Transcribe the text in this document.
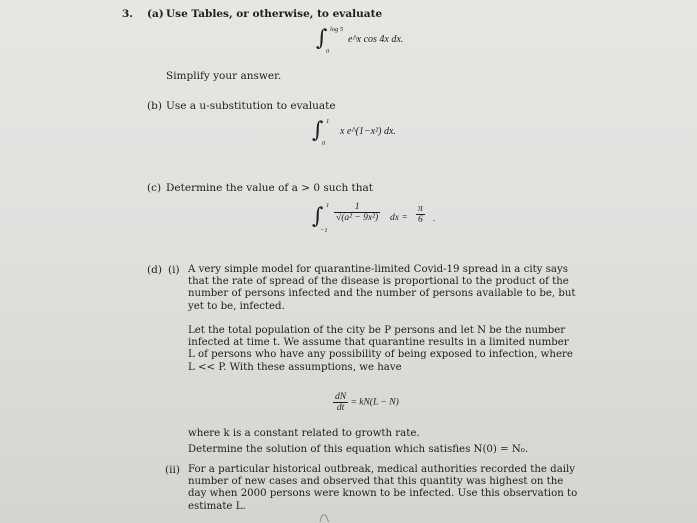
3. (a) Use Tables, or otherwise, to evaluate
∫ log 5
0
e^x cos 4x dx.
Simplify your answer.
(b) Use a u-substitution to evaluate
∫ 1
0
x e^(1−x²) dx.
(c) Determine the value of a > 0 such that
∫ 1
−1
$\frac{1}{\text{√(a² − 9x²)}}$ dx = $\frac{\pi}{6}$ .
(d) (i) A very simple model for quarantine-limited Covid-19 spread in a city says
that the rate of spread of the disease is proportional to the product of the
number of persons infected and the number of persons available to be, but
yet to be, infected.
Let the total population of the city be P persons and let N be the number
infected at time t. We assume that quarantine results in a limited number
L of persons who have any possibility of being exposed to infection, where
L << P. With these assumptions, we have
$\frac{dN}{dt} = kN(L - N)$
where k is a constant related to growth rate.
Determine the solution of this equation which satisfies N(0) = N₀.
(ii) For a particular historical outbreak, medical authorities recorded the daily
number of new cases and observed that this quantity was highest on the
day when 2000 persons were known to be infected. Use this observation to
estimate L.
